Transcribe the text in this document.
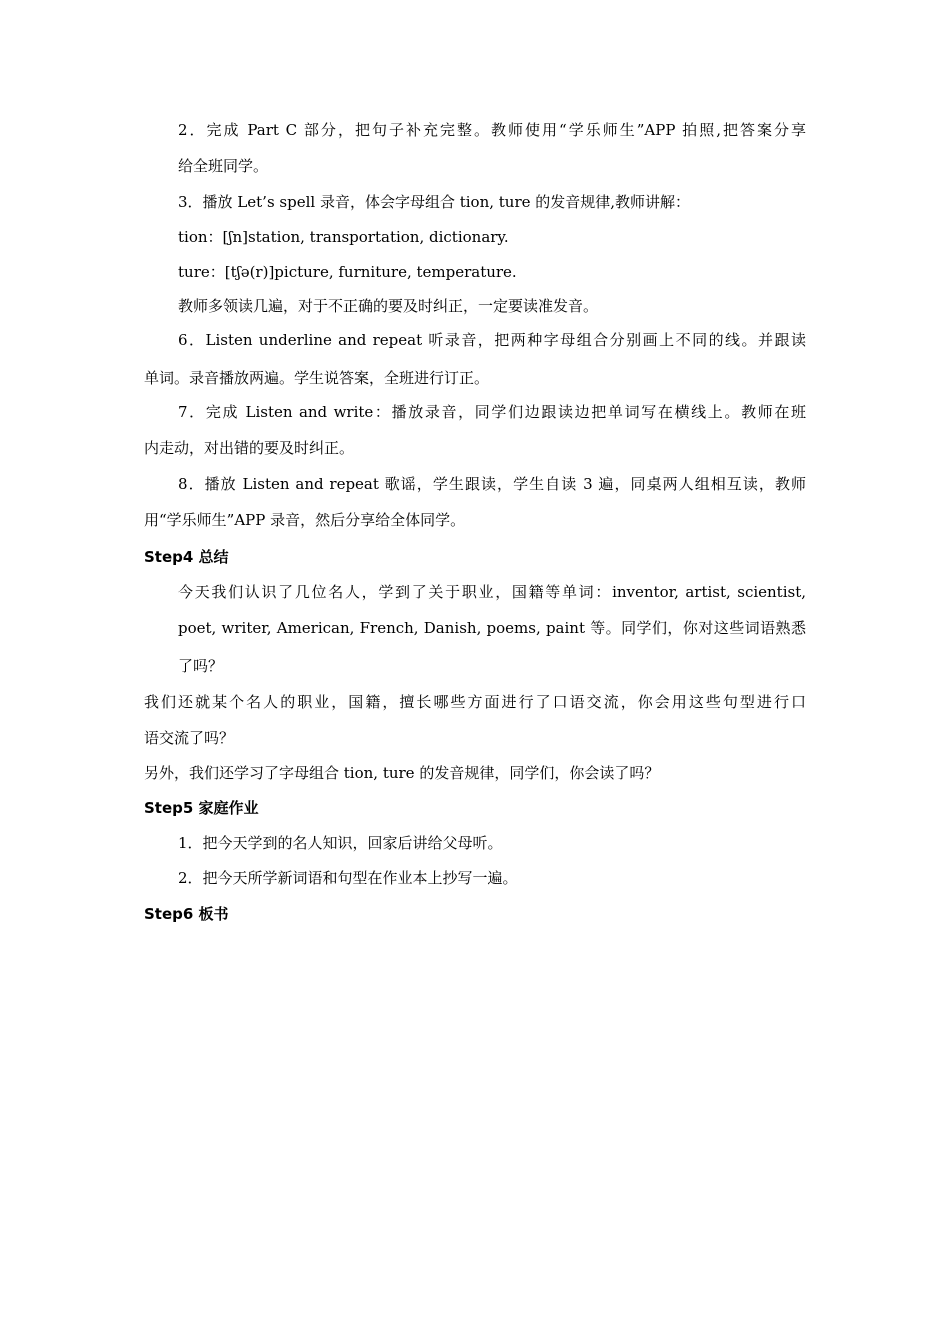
2．完成 Part C 部分，把句子补充完整。教师使用“学乐师生”APP 拍照,把答案分享
给全班同学。
3．播放 Let’s spell 录音，体会字母组合 tion, ture 的发音规律,教师讲解：
tion：[ʃn]station, transportation, dictionary.
ture：[tʃə(r)]picture, furniture, temperature.
教师多领读几遍，对于不正确的要及时纠正，一定要读准发音。
6．Listen underline and repeat 听录音，把两种字母组合分别画上不同的线。并跟读
单词。录音播放两遍。学生说答案，全班进行订正。
7．完成 Listen and write：播放录音，同学们边跟读边把单词写在横线上。教师在班
内走动，对出错的要及时纠正。
8．播放 Listen and repeat 歌谣，学生跟读，学生自读 3 遍，同桌两人组相互读，教师
用“学乐师生”APP 录音，然后分享给全体同学。
Step4 总结
今天我们认识了几位名人，学到了关于职业，国籍等单词：inventor, artist, scientist,
poet, writer, American, French, Danish, poems, paint 等。同学们，你对这些词语熟悉
了吗？
我们还就某个名人的职业，国籍，擅长哪些方面进行了口语交流，你会用这些句型进行口
语交流了吗？
另外，我们还学习了字母组合 tion, ture 的发音规律，同学们，你会读了吗？
Step5 家庭作业
1．把今天学到的名人知识，回家后讲给父母听。
2．把今天所学新词语和句型在作业本上抄写一遍。
Step6 板书
